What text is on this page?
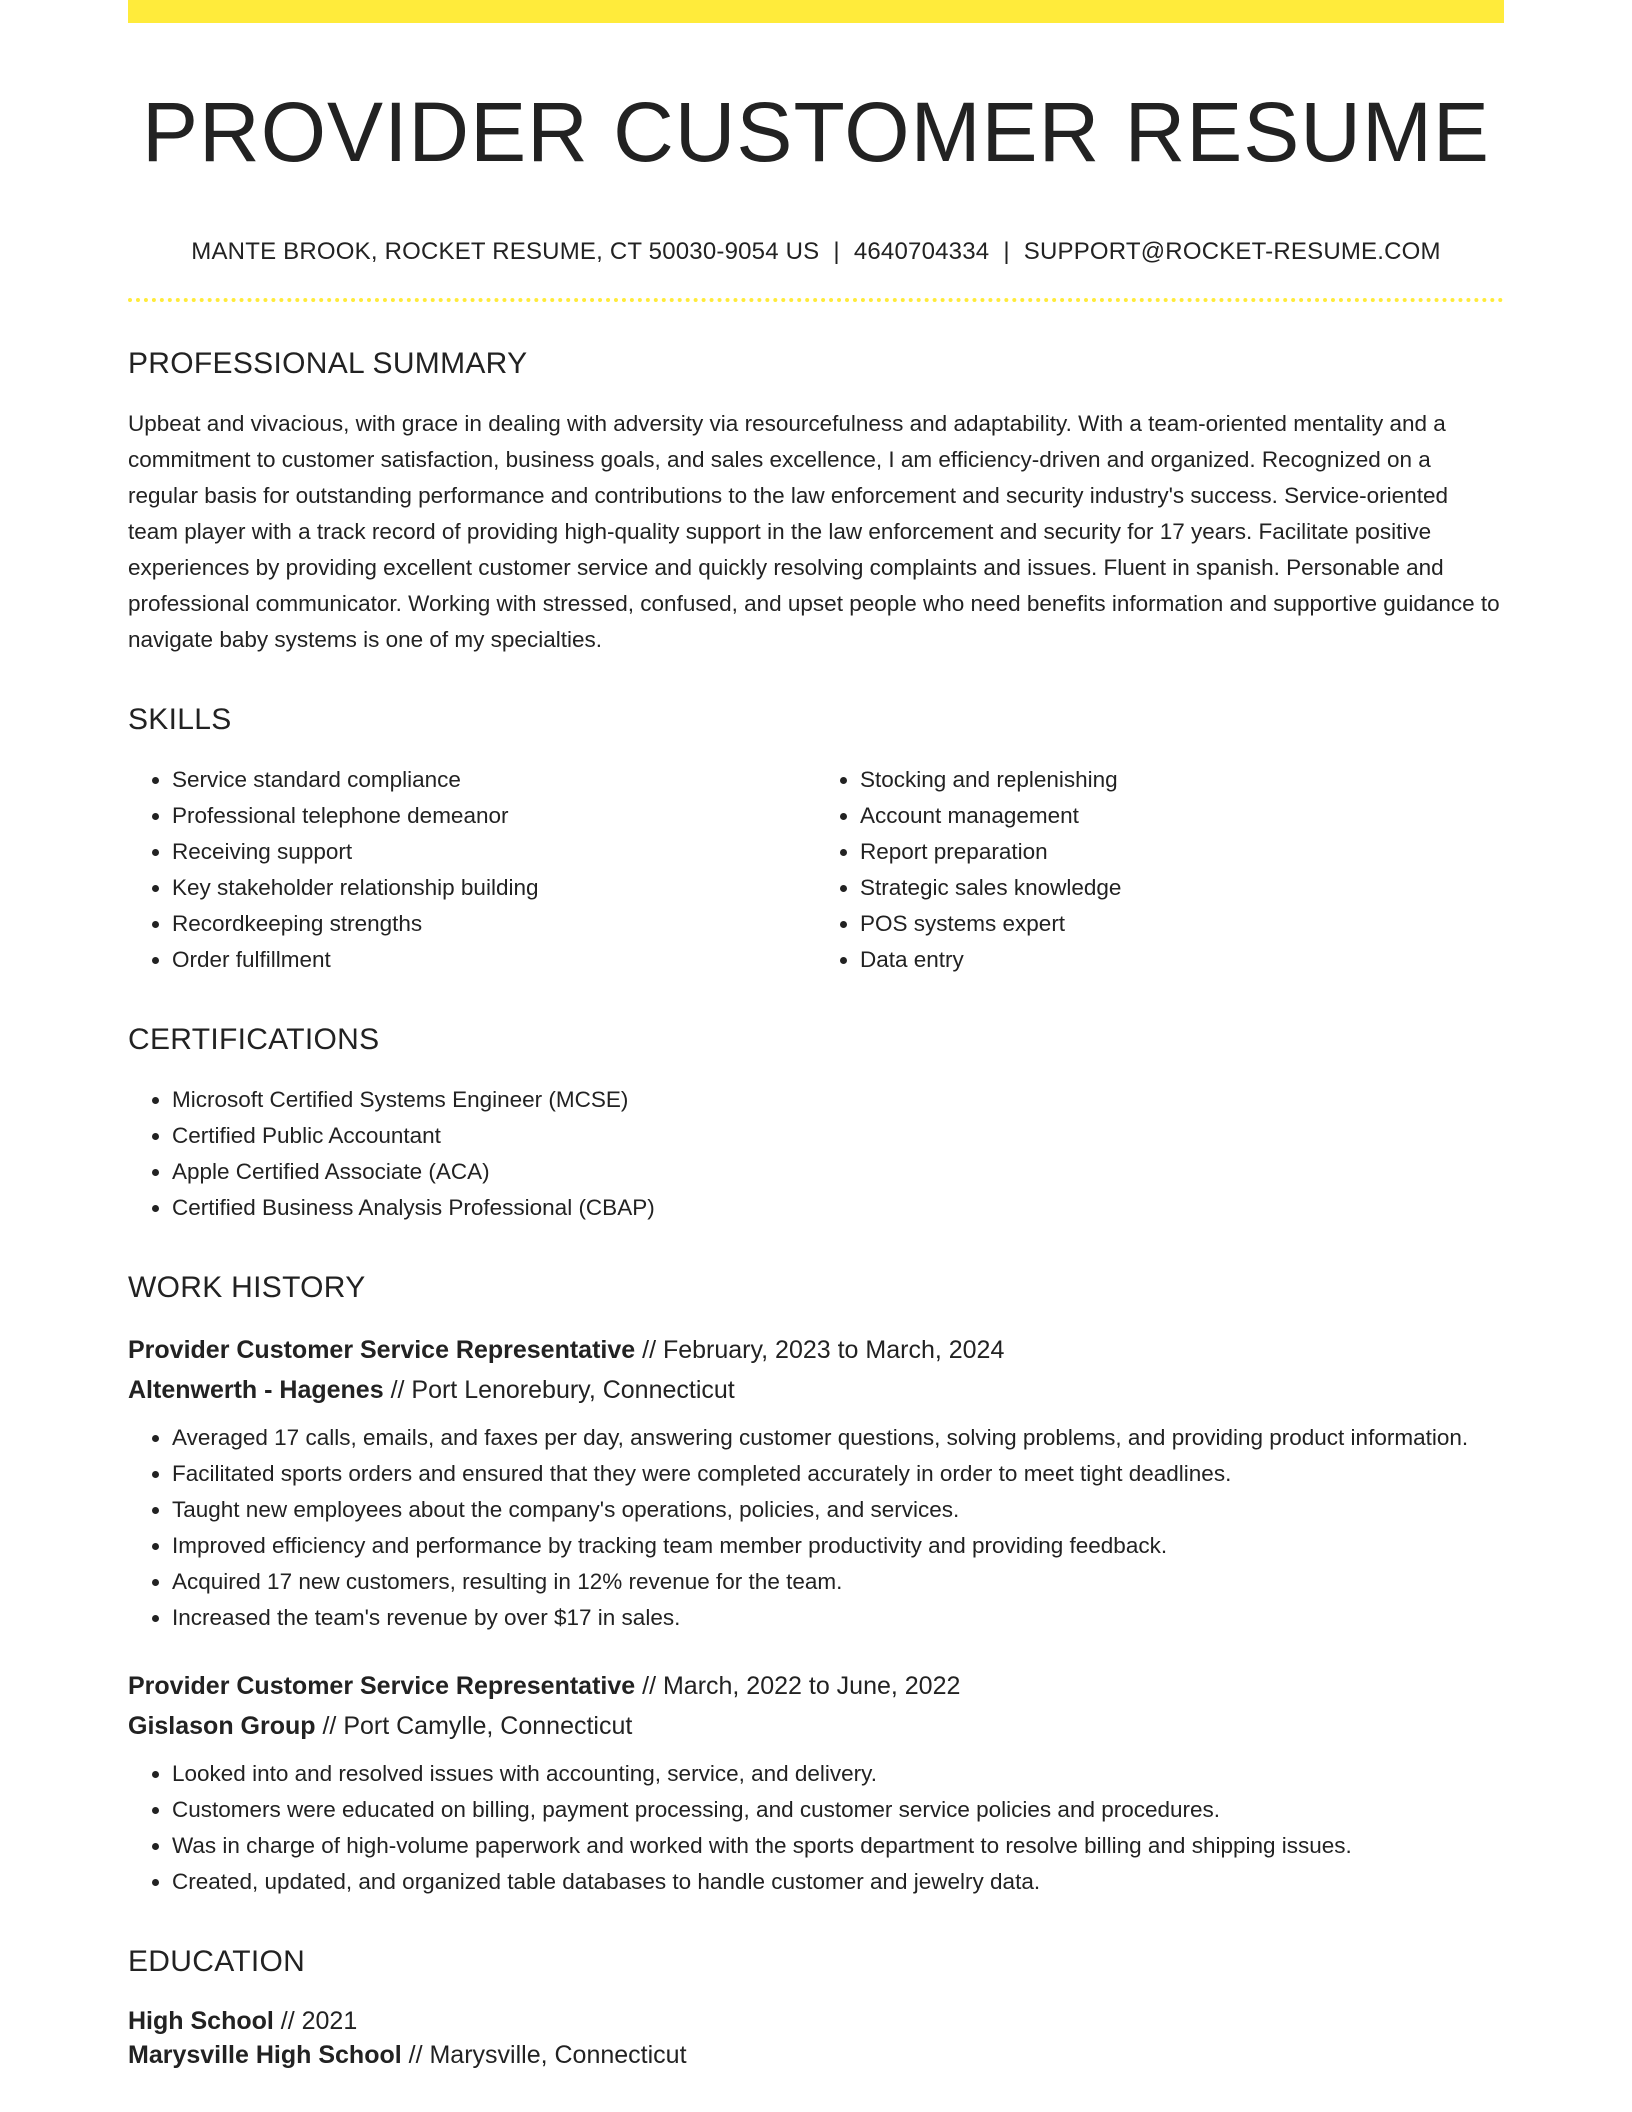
PROVIDER CUSTOMER RESUME
MANTE BROOK, ROCKET RESUME, CT 50030-9054 US | 4640704334 | SUPPORT@ROCKET-RESUME.COM
PROFESSIONAL SUMMARY

Upbeat and vivacious, with grace in dealing with adversity via resourcefulness and adaptability. With a team-oriented mentality and a commitment to customer satisfaction, business goals, and sales excellence, I am efficiency-driven and organized. Recognized on a regular basis for outstanding performance and contributions to the law enforcement and security industry's success. Service-oriented team player with a track record of providing high-quality support in the law enforcement and security for 17 years. Facilitate positive experiences by providing excellent customer service and quickly resolving complaints and issues. Fluent in spanish. Personable and professional communicator. Working with stressed, confused, and upset people who need benefits information and supportive guidance to navigate baby systems is one of my specialties.

SKILLS
• Service standard compliance
• Professional telephone demeanor
• Receiving support
• Key stakeholder relationship building
• Recordkeeping strengths
• Order fulfillment
• Stocking and replenishing
• Account management
• Report preparation
• Strategic sales knowledge
• POS systems expert
• Data entry
CERTIFICATIONS
• Microsoft Certified Systems Engineer (MCSE)
• Certified Public Accountant
• Apple Certified Associate (ACA)
• Certified Business Analysis Professional (CBAP)
WORK HISTORY
Provider Customer Service Representative // February, 2023 to March, 2024
Altenwerth - Hagenes // Port Lenorebury, Connecticut
• Averaged 17 calls, emails, and faxes per day, answering customer questions, solving problems, and providing product information.
• Facilitated sports orders and ensured that they were completed accurately in order to meet tight deadlines.
• Taught new employees about the company's operations, policies, and services.
• Improved efficiency and performance by tracking team member productivity and providing feedback.
• Acquired 17 new customers, resulting in 12% revenue for the team.
• Increased the team's revenue by over $17 in sales.
Provider Customer Service Representative // March, 2022 to June, 2022
Gislason Group // Port Camylle, Connecticut
• Looked into and resolved issues with accounting, service, and delivery.
• Customers were educated on billing, payment processing, and customer service policies and procedures.
• Was in charge of high-volume paperwork and worked with the sports department to resolve billing and shipping issues.
• Created, updated, and organized table databases to handle customer and jewelry data.
EDUCATION
High School // 2021
Marysville High School // Marysville, Connecticut
